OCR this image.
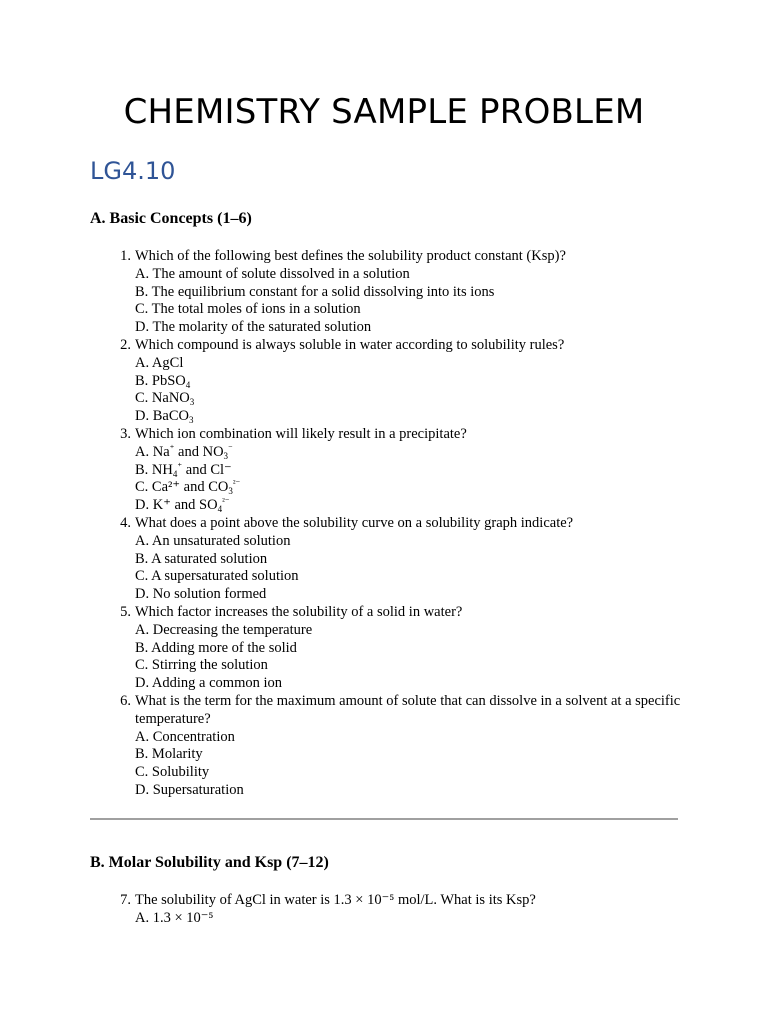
CHEMISTRY SAMPLE PROBLEM
LG4.10
A. Basic Concepts (1–6)
1. Which of the following best defines the solubility product constant (Ksp)?
A. The amount of solute dissolved in a solution
B. The equilibrium constant for a solid dissolving into its ions
C. The total moles of ions in a solution
D. The molarity of the saturated solution
2. Which compound is always soluble in water according to solubility rules?
A. AgCl
B. PbSO$_4$
C. NaNO$_3$
D. BaCO$_3$
3. Which ion combination will likely result in a precipitate?
A. Na⁺ and $NO_3^{^-}$
B. $NH_4^{^+}$ and Cl⁻
C. Ca²⁺ and $CO_3^{^{2-}}$
D. K⁺ and $SO_4^{^{2-}}$
4. What does a point above the solubility curve on a solubility graph indicate?
A. An unsaturated solution
B. A saturated solution
C. A supersaturated solution
D. No solution formed
5. Which factor increases the solubility of a solid in water?
A. Decreasing the temperature
B. Adding more of the solid
C. Stirring the solution
D. Adding a common ion
6. What is the term for the maximum amount of solute that can dissolve in a solvent at a specific temperature?
A. Concentration
B. Molarity
C. Solubility
D. Supersaturation
B. Molar Solubility and Ksp (7–12)
7. The solubility of AgCl in water is 1.3 × 10⁻⁵ mol/L. What is its Ksp?
A. 1.3 × 10⁻⁵
